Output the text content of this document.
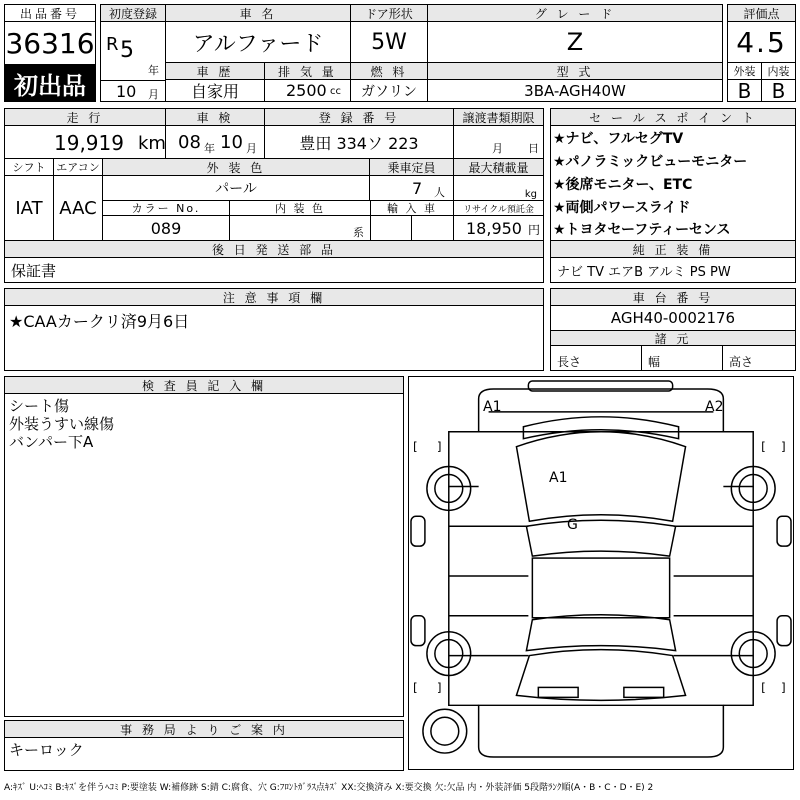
出品番号
36316
初出品
初度登録
R 5
年
10 月
車 名
アルファード
ドア形状
5W
グ レ ー ド
Z
評価点
4.5
車 歴
自家用
排 気 量
2500 cc
燃 料
ガソリン
型 式
3BA-AGH40W
外装	内装
B	B
走 行
19,919 km
車 検
08 年 10 月
登 録 番 号
豊田 334ソ 223
譲渡書類期限
月 日
シフト
IAT
エアコン
AAC
外 装 色
パール
乗車定員
7 人
最大積載量
kg
カラー No.
089
内 装 色
系
輸 入 車	リサイクル預託金
18,950 円
後 日 発 送 部 品
保証書
セ ー ル ス ポ イ ン ト
★ナビ、フルセグTV
★パノラミックビューモニター
★後席モニター、ETC
★両側パワースライド
★トヨタセーフティーセンス
純 正 装 備
ナビ TV エアB アルミ PS PW
注 意 事 項 欄
★CAAカークリ済9月6日
車 台 番 号
AGH40-0002176
諸 元
長さ	幅	高さ
検 査 員 記 入 欄
シート傷
外装うすい線傷
バンパー下A
事 務 局 よ り ご 案 内
キーロック
[ ]	[ ]
[ ]	[ ]
A1	A2
A1
G
A:ｷｽﾞ U:ﾍｺﾐ B:ｷｽﾞを伴うﾍｺﾐ P:要塗装 W:補修跡 S:錆 C:腐食、穴 G:ﾌﾛﾝﾄｶﾞﾗｽ点ｷｽﾞ XX:交換済み X:要交換 欠:欠品 内・外装評価 5段階ﾗﾝｸ順(A・B・C・D・E) 2
